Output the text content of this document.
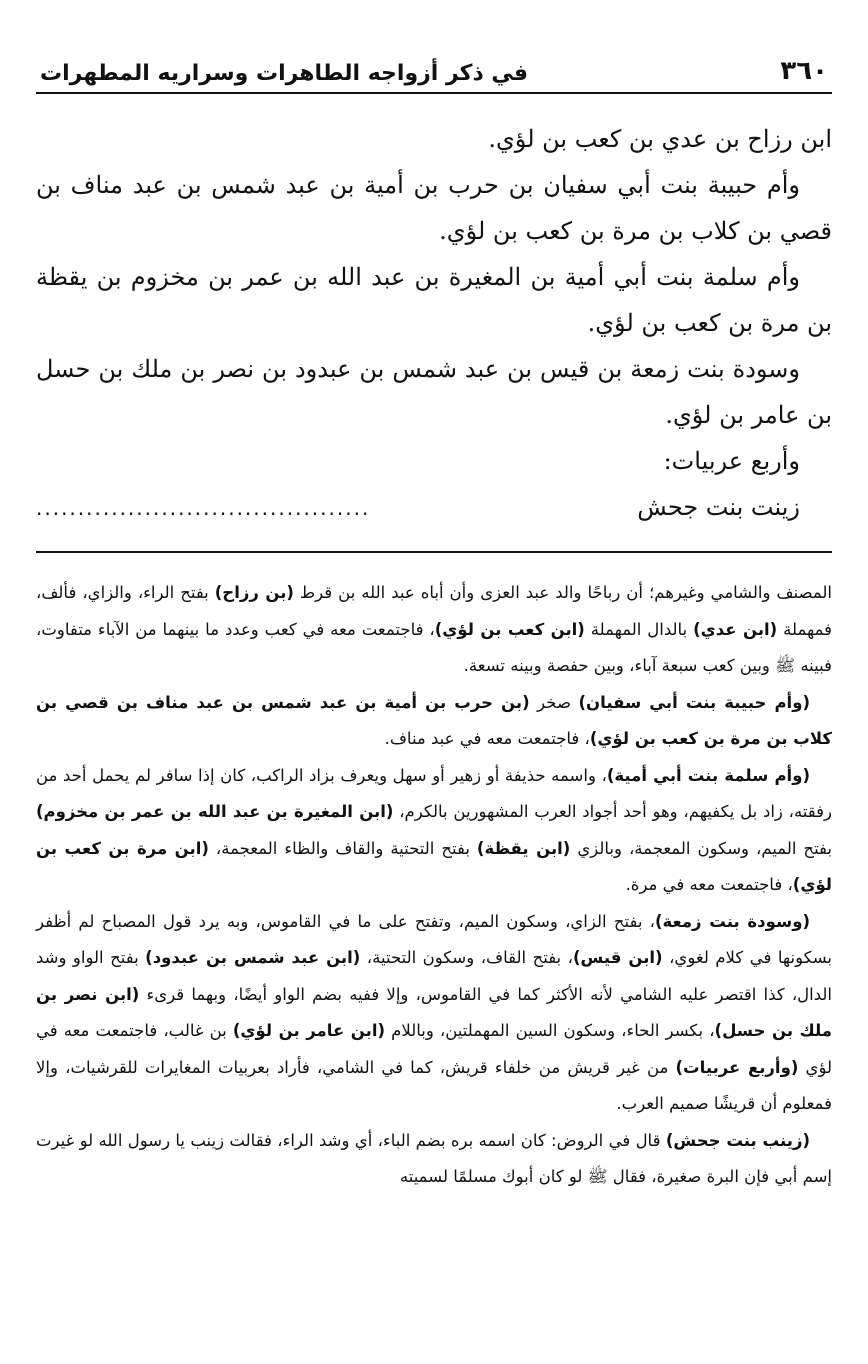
٣٦٠
في ذكر أزواجه الطاهرات وسراريه المطهرات

ابن رزاح بن عدي بن كعب بن لؤي.

وأم حبيبة بنت أبي سفيان بن حرب بن أمية بن عبد شمس بن عبد مناف بن قصي بن كلاب بن مرة بن كعب بن لؤي.

وأم سلمة بنت أبي أمية بن المغيرة بن عبد الله بن عمر بن مخزوم بن يقظة بن مرة بن كعب بن لؤي.

وسودة بنت زمعة بن قيس بن عبد شمس بن عبدود بن نصر بن ملك بن حسل بن عامر بن لؤي.

وأربع عربيات:

زينت بنت جحش
........................................

المصنف والشامي وغيرهم؛ أن رباحًا والد عبد العزى وأن أباه عبد الله بن قرط (بن رزاح) بفتح الراء، والزاي، فألف، فمهملة (ابن عدي) بالدال المهملة (ابن كعب بن لؤي)، فاجتمعت معه في كعب وعدد ما بينهما من الآباء متفاوت، فبينه ﷺ وبين كعب سبعة آباء، وبين حفصة وبينه تسعة.

(وأم حبيبة بنت أبي سفيان) صخر (بن حرب بن أمية بن عبد شمس بن عبد مناف بن قصي بن كلاب بن مرة بن كعب بن لؤي)، فاجتمعت معه في عبد مناف.

(وأم سلمة بنت أبي أمية)، واسمه حذيفة أو زهير أو سهل ويعرف بزاد الراكب، كان إذا سافر لم يحمل أحد من رفقته، زاد بل يكفيهم، وهو أحد أجواد العرب المشهورين بالكرم، (ابن المغيرة بن عبد الله بن عمر بن مخزوم) بفتح الميم، وسكون المعجمة، وبالزي (ابن يقظة) بفتح التحتية والقاف والظاء المعجمة، (ابن مرة بن كعب بن لؤي)، فاجتمعت معه في مرة.

(وسودة بنت زمعة)، بفتح الزاي، وسكون الميم، وتفتح على ما في القاموس، وبه يرد قول المصباح لم أظفر بسكونها في كلام لغوي، (ابن قيس)، بفتح القاف، وسكون التحتية، (ابن عبد شمس بن عبدود) بفتح الواو وشد الدال، كذا اقتصر عليه الشامي لأنه الأكثر كما في القاموس، وإلا ففيه بضم الواو أيضًا، وبهما قرىء (ابن نصر بن ملك بن حسل)، بكسر الحاء، وسكون السين المهملتين، وباللام (ابن عامر بن لؤي) بن غالب، فاجتمعت معه في لؤي (وأربع عربيات) من غير قريش من خلفاء قريش، كما في الشامي، فأراد بعربيات المغايرات للقرشيات، وإلا فمعلوم أن قريشًا صميم العرب.

(زينب بنت جحش) قال في الروض: كان اسمه بره بضم الباء، أي وشد الراء، فقالت زينب يا رسول الله لو غيرت إسم أبي فإن البرة صغيرة، فقال ﷺ لو كان أبوك مسلمًا لسميته
